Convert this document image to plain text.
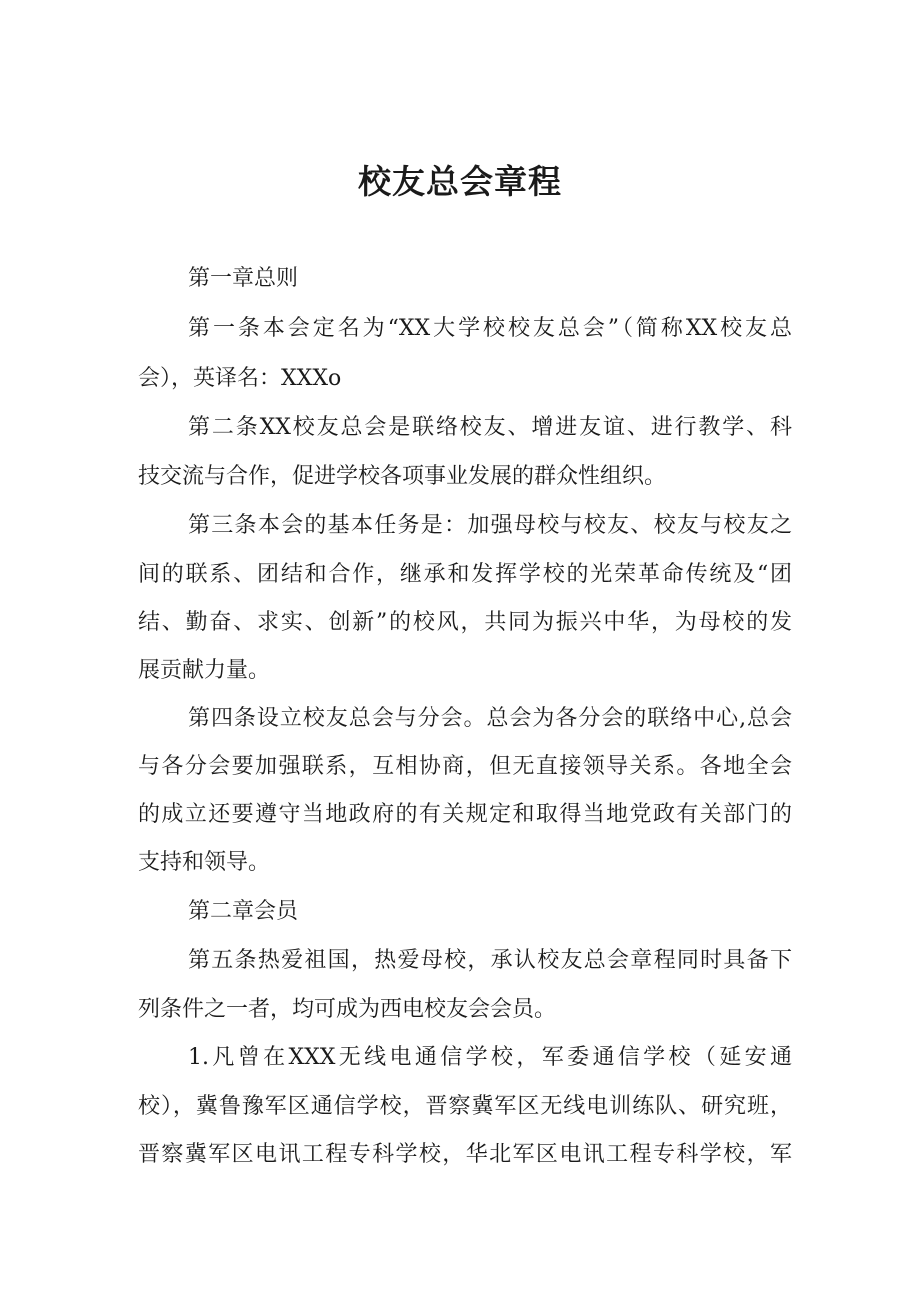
校友总会章程
第一章总则
第一条本会定名为“XX大学校校友总会”（简称XX校友总
会），英译名：XXXo
第二条XX校友总会是联络校友、增进友谊、进行教学、科
技交流与合作，促进学校各项事业发展的群众性组织。
第三条本会的基本任务是：加强母校与校友、校友与校友之
间的联系、团结和合作，继承和发挥学校的光荣革命传统及“团
结、勤奋、求实、创新”的校风，共同为振兴中华，为母校的发
展贡献力量。
第四条设立校友总会与分会。总会为各分会的联络中心,总会
与各分会要加强联系，互相协商，但无直接领导关系。各地全会
的成立还要遵守当地政府的有关规定和取得当地党政有关部门的
支持和领导。
第二章会员
第五条热爱祖国，热爱母校，承认校友总会章程同时具备下
列条件之一者，均可成为西电校友会会员。
1.凡曾在XXX无线电通信学校，军委通信学校（延安通
校），冀鲁豫军区通信学校，晋察冀军区无线电训练队、研究班，
晋察冀军区电讯工程专科学校，华北军区电讯工程专科学校，军
